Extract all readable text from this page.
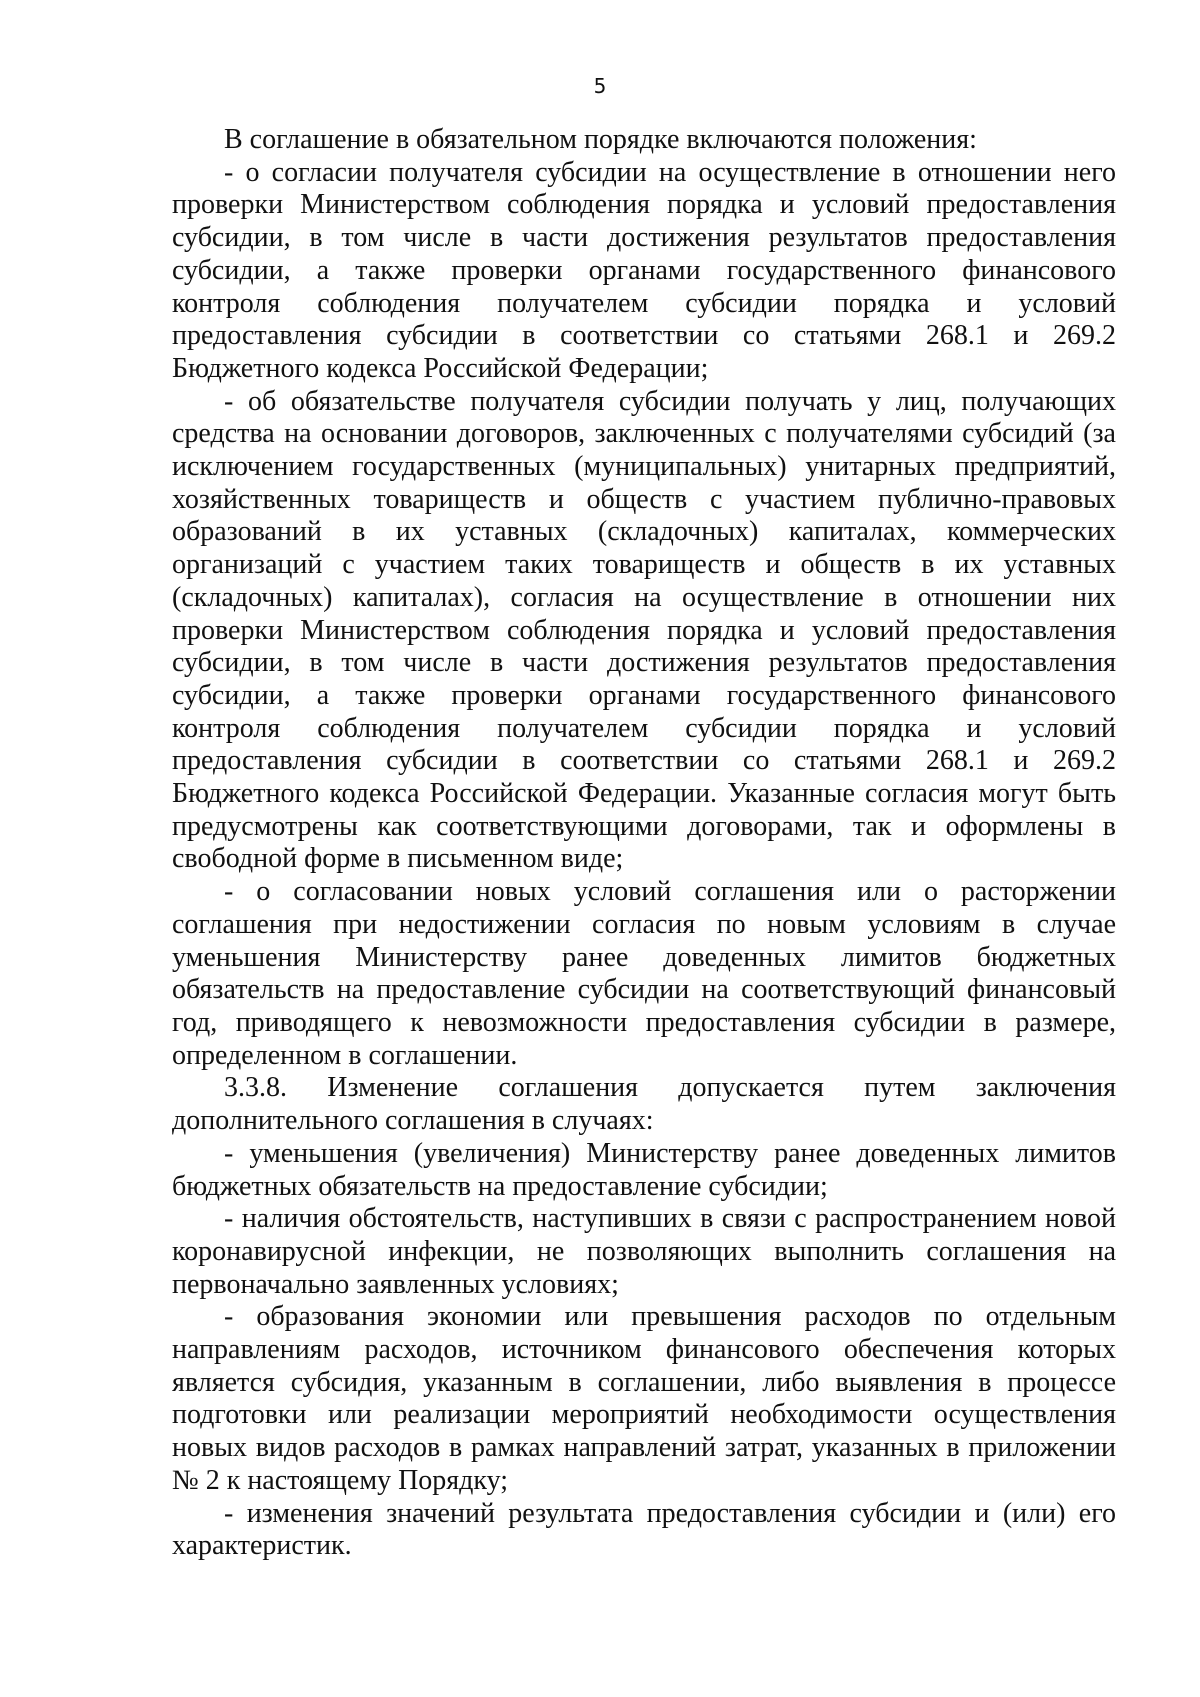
5

В соглашение в обязательном порядке включаются положения:

- о согласии получателя субсидии на осуществление в отношении него проверки Министерством соблюдения порядка и условий предоставления субсидии, в том числе в части достижения результатов предоставления субсидии, а также проверки органами государственного финансового контроля соблюдения получателем субсидии порядка и условий предоставления субсидии в соответствии со статьями 268.1 и 269.2 Бюджетного кодекса Российской Федерации;

- об обязательстве получателя субсидии получать у лиц, получающих средства на основании договоров, заключенных с получателями субсидий (за исключением государственных (муниципальных) унитарных предприятий, хозяйственных товариществ и обществ с участием публично-правовых образований в их уставных (складочных) капиталах, коммерческих организаций с участием таких товариществ и обществ в их уставных (складочных) капиталах), согласия на осуществление в отношении них проверки Министерством соблюдения порядка и условий предоставления субсидии, в том числе в части достижения результатов предоставления субсидии, а также проверки органами государственного финансового контроля соблюдения получателем субсидии порядка и условий предоставления субсидии в соответствии со статьями 268.1 и 269.2 Бюджетного кодекса Российской Федерации. Указанные согласия могут быть предусмотрены как соответствующими договорами, так и оформлены в свободной форме в письменном виде;

- о согласовании новых условий соглашения или о расторжении соглашения при недостижении согласия по новым условиям в случае уменьшения Министерству ранее доведенных лимитов бюджетных обязательств на предоставление субсидии на соответствующий финансовый год, приводящего к невозможности предоставления субсидии в размере, определенном в соглашении.

3.3.8. Изменение соглашения допускается путем заключения дополнительного соглашения в случаях:

- уменьшения (увеличения) Министерству ранее доведенных лимитов бюджетных обязательств на предоставление субсидии;

- наличия обстоятельств, наступивших в связи с распространением новой коронавирусной инфекции, не позволяющих выполнить соглашения на первоначально заявленных условиях;

- образования экономии или превышения расходов по отдельным направлениям расходов, источником финансового обеспечения которых является субсидия, указанным в соглашении, либо выявления в процессе подготовки или реализации мероприятий необходимости осуществления новых видов расходов в рамках направлений затрат, указанных в приложении № 2 к настоящему Порядку;

- изменения значений результата предоставления субсидии и (или) его характеристик.
